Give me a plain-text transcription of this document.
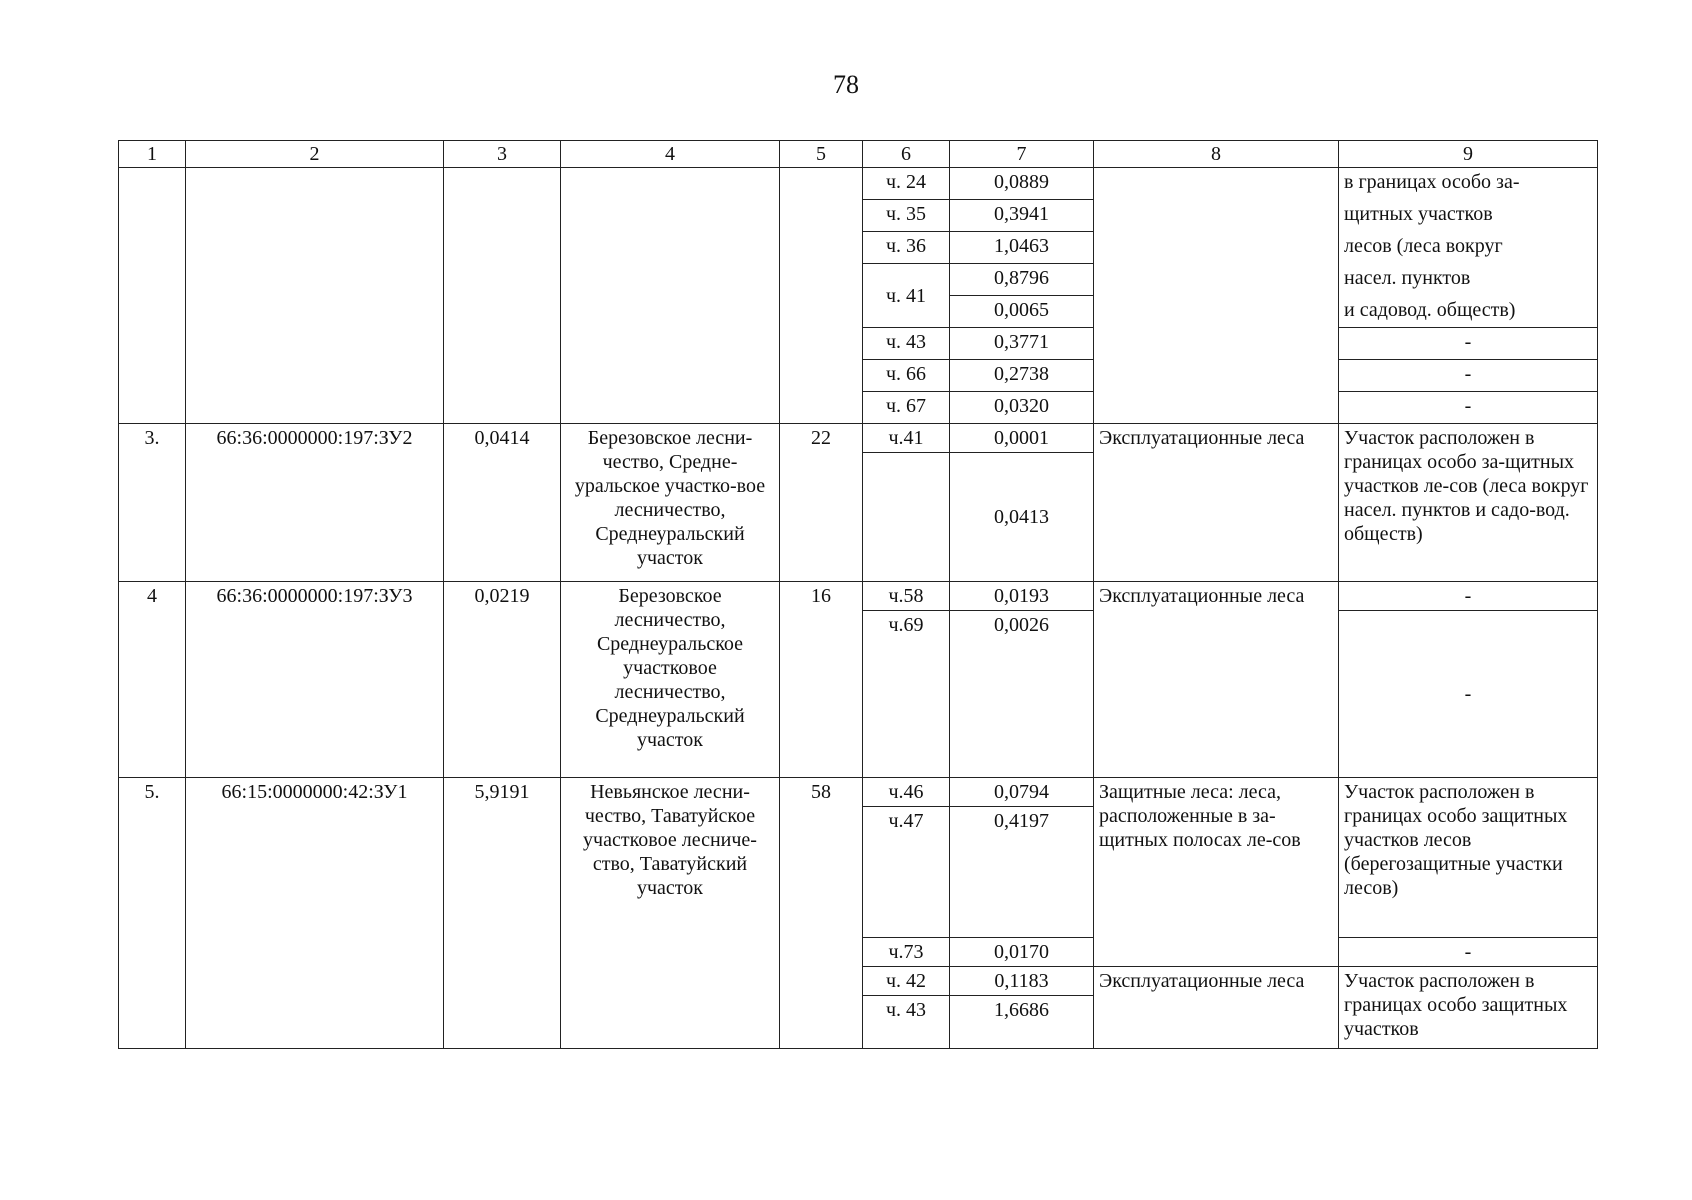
78
1	2	3	4	5	6	7	8	9
					ч. 24	0,0889		в границах особо за-
					ч. 35	0,3941		щитных участков
					ч. 36	1,0463		лесов (леса вокруг
					ч. 41	0,8796		насел. пунктов
						0,0065		и садовод. обществ)
					ч. 43	0,3771		-
					ч. 66	0,2738		-
					ч. 67	0,0320		-
3.	66:36:0000000:197:ЗУ2	0,0414	Березовское лесни-чество, Средне-уральское участко-вое лесничество, Среднеуральский участок	22	ч.41	0,0001	Эксплуатационные леса	Участок расположен в границах особо за-щитных участков ле-сов (леса вокруг насел. пунктов и садо-вод. обществ)
						0,0413		
4	66:36:0000000:197:ЗУ3	0,0219	Березовское лесничество, Среднеуральское участковое лесничество, Среднеуральский участок	16	ч.58	0,0193	Эксплуатационные леса	-
					ч.69	0,0026		-
5.	66:15:0000000:42:ЗУ1	5,9191	Невьянское лесни-чество, Таватуйское участковое лесниче-ство, Таватуйский участок	58	ч.46	0,0794	Защитные леса: леса, расположенные в за-щитных полосах ле-сов	Участок расположен в границах особо защитных участков лесов (берегозащитные участки лесов)
					ч.47	0,4197		
					ч.73	0,0170		-
					ч. 42	0,1183	Эксплуатационные леса	Участок расположен в границах особо защитных участков
					ч. 43	1,6686		
